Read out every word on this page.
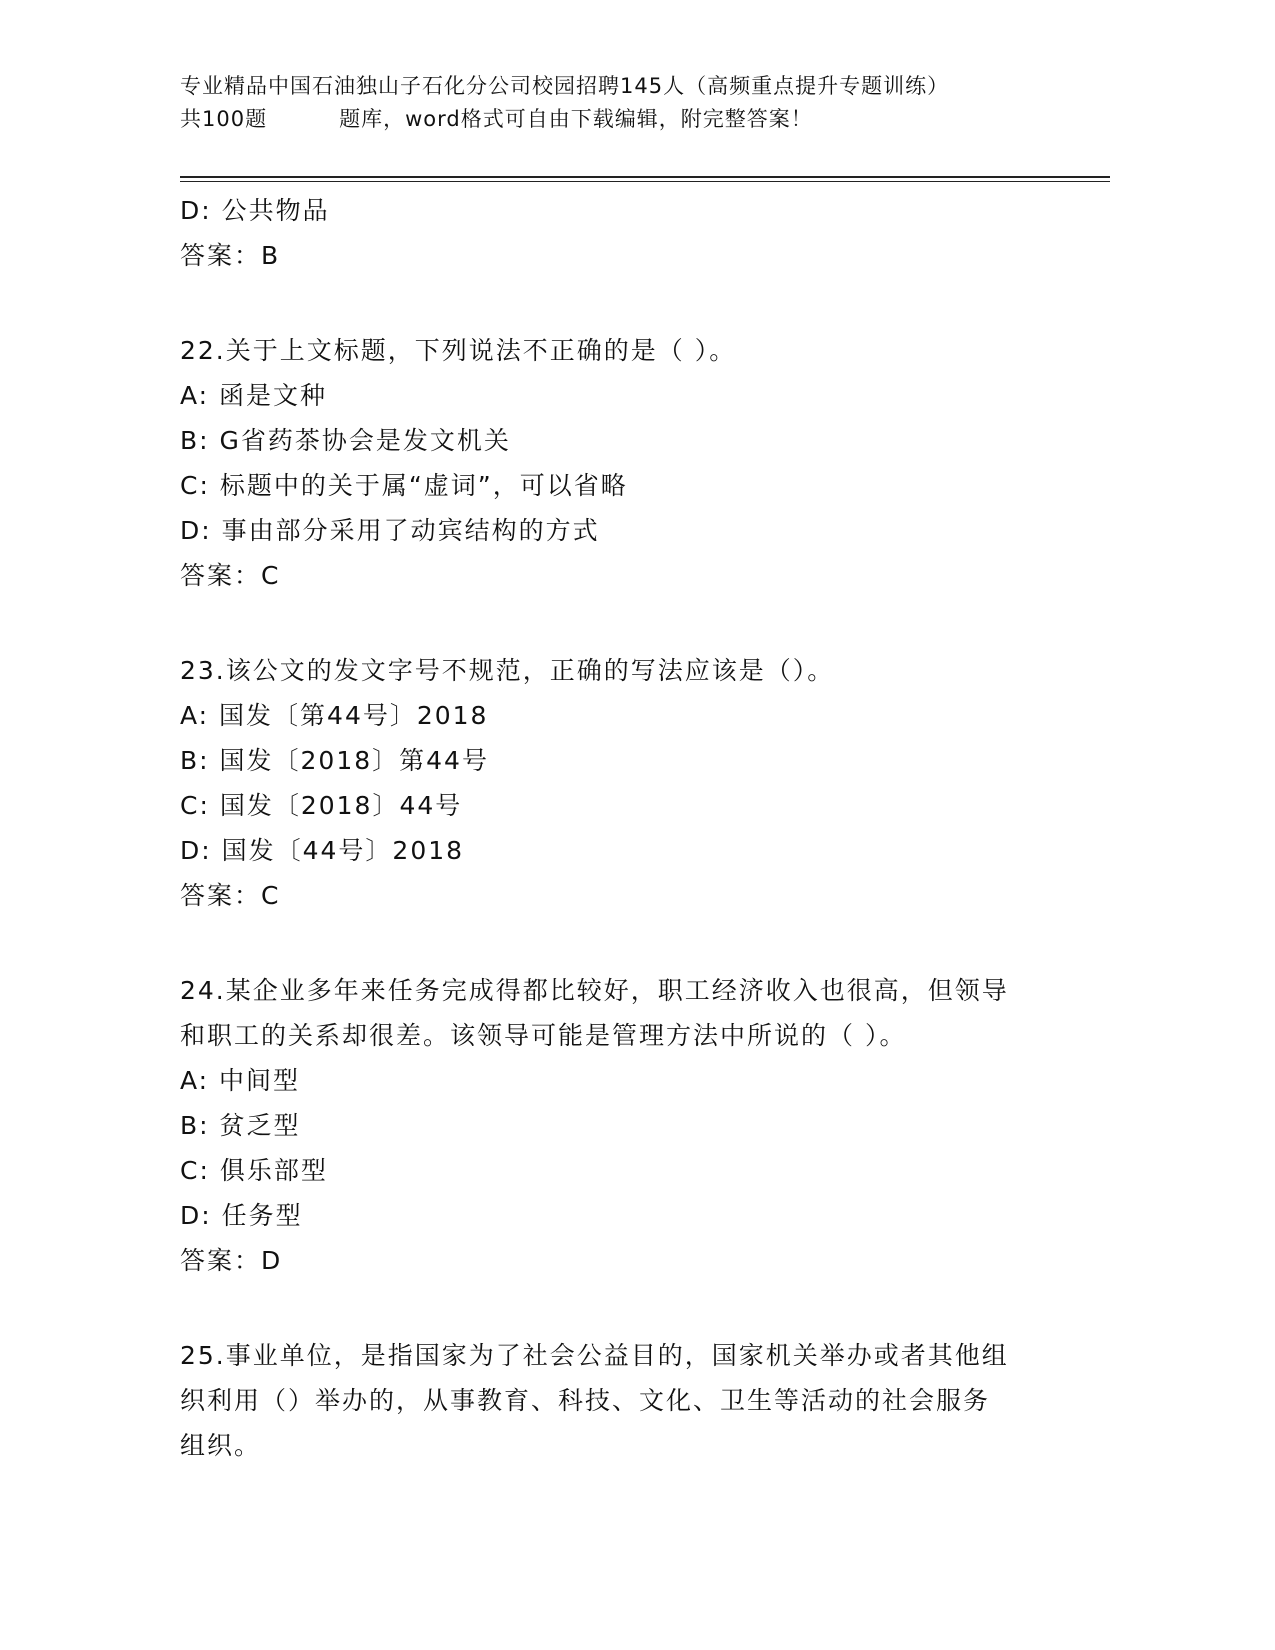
专业精品中国石油独山子石化分公司校园招聘145人（高频重点提升专题训练）
共100题	题库，word格式可自由下载编辑，附完整答案！
D: 公共物品
答案：B
22.关于上文标题，下列说法不正确的是（ ）。
A: 函是文种
B: G省药茶协会是发文机关
C: 标题中的关于属“虚词”，可以省略
D: 事由部分采用了动宾结构的方式
答案：C
23.该公文的发文字号不规范，正确的写法应该是（）。
A: 国发〔第44号〕2018
B: 国发〔2018〕第44号
C: 国发〔2018〕44号
D: 国发〔44号〕2018
答案：C
24.某企业多年来任务完成得都比较好，职工经济收入也很高，但领导
和职工的关系却很差。该领导可能是管理方法中所说的（ ）。
A: 中间型
B: 贫乏型
C: 俱乐部型
D: 任务型
答案：D
25.事业单位，是指国家为了社会公益目的，国家机关举办或者其他组
织利用（）举办的，从事教育、科技、文化、卫生等活动的社会服务
组织。
